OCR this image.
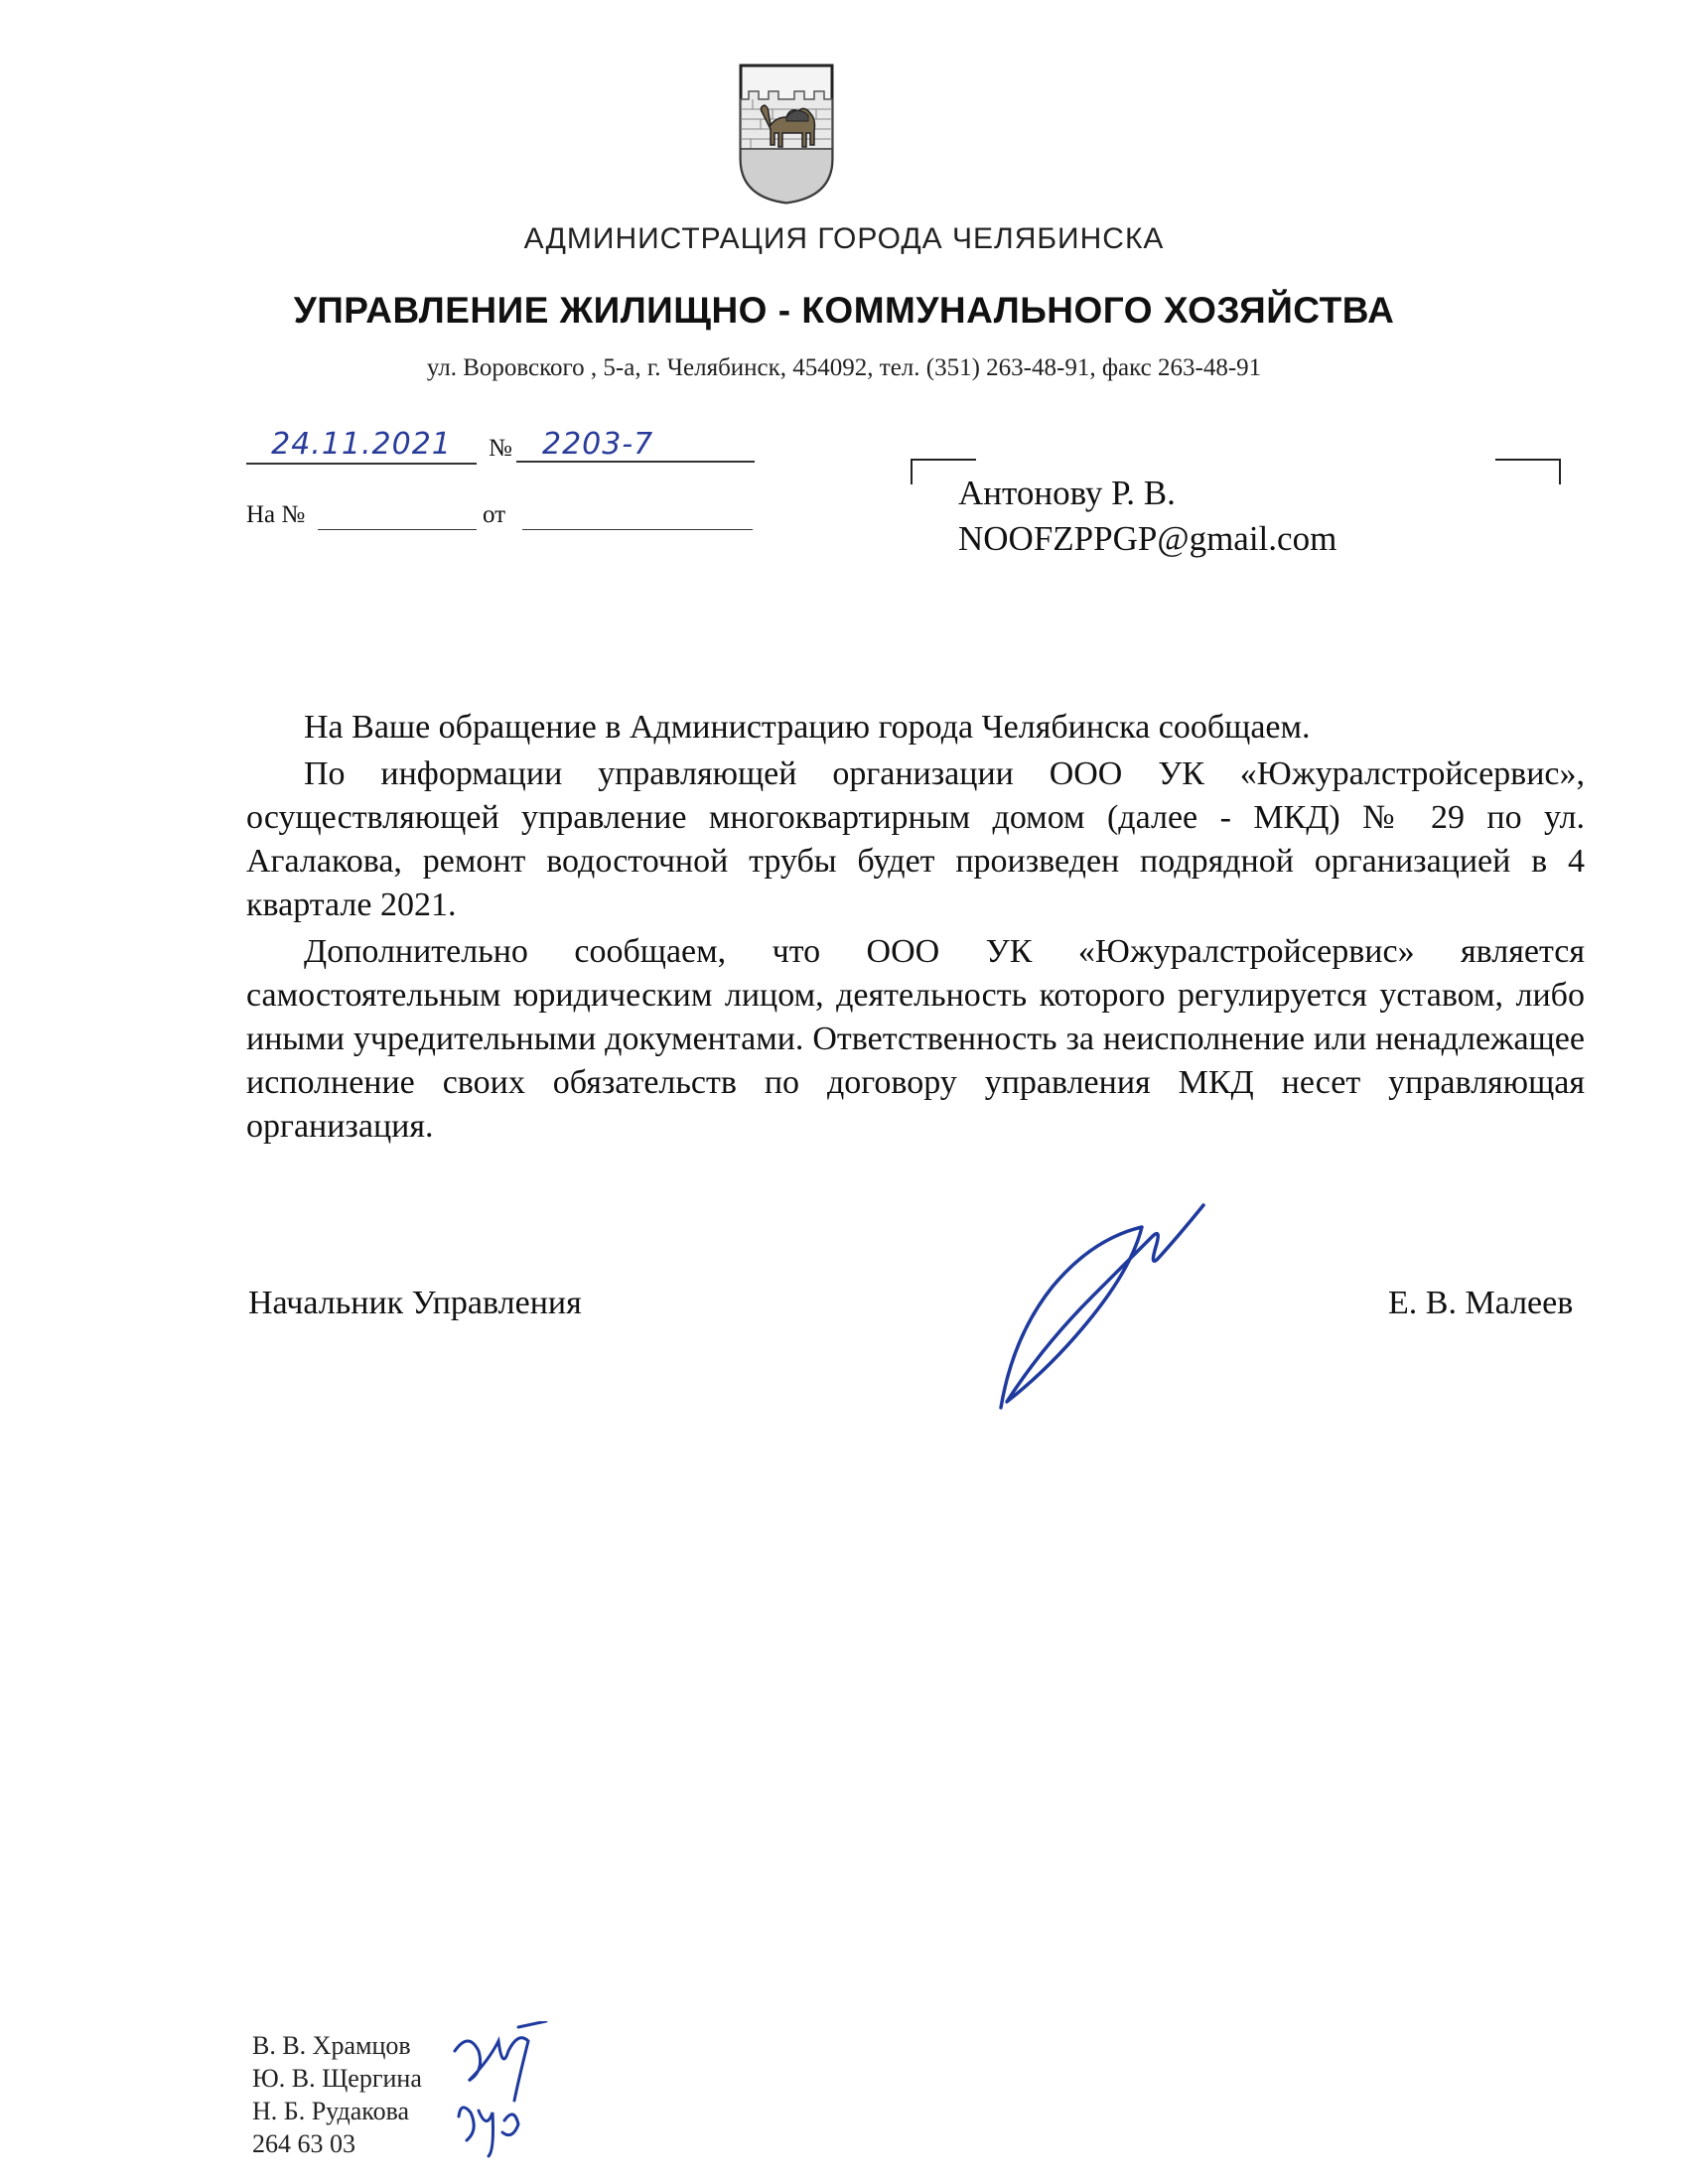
АДМИНИСТРАЦИЯ ГОРОДА ЧЕЛЯБИНСКА
УПРАВЛЕНИЕ ЖИЛИЩНО - КОММУНАЛЬНОГО ХОЗЯЙСТВА
ул. Воровского , 5-а, г. Челябинск, 454092, тел. (351) 263-48-91, факс 263-48-91
24.11.2021	№	2203-7
На №	от
Антонову Р. В.
NOOFZPPGP@gmail.com

На Ваше обращение в Администрацию города Челябинска сообщаем.

По информации управляющей организации ООО УК «Южуралстройсервис», осуществляющей управление многоквартирным домом (далее - МКД) № 29 по ул. Агалакова, ремонт водосточной трубы будет произведен подрядной организацией в 4 квартале 2021.

Дополнительно сообщаем, что ООО УК «Южуралстройсервис» является самостоятельным юридическим лицом, деятельность которого регулируется уставом, либо иными учредительными документами. Ответственность за неисполнение или ненадлежащее исполнение своих обязательств по договору управления МКД несет управляющая организация.

Начальник Управления	Е. В. Малеев
В. В. Храмцов
Ю. В. Щергина
Н. Б. Рудакова
264 63 03
